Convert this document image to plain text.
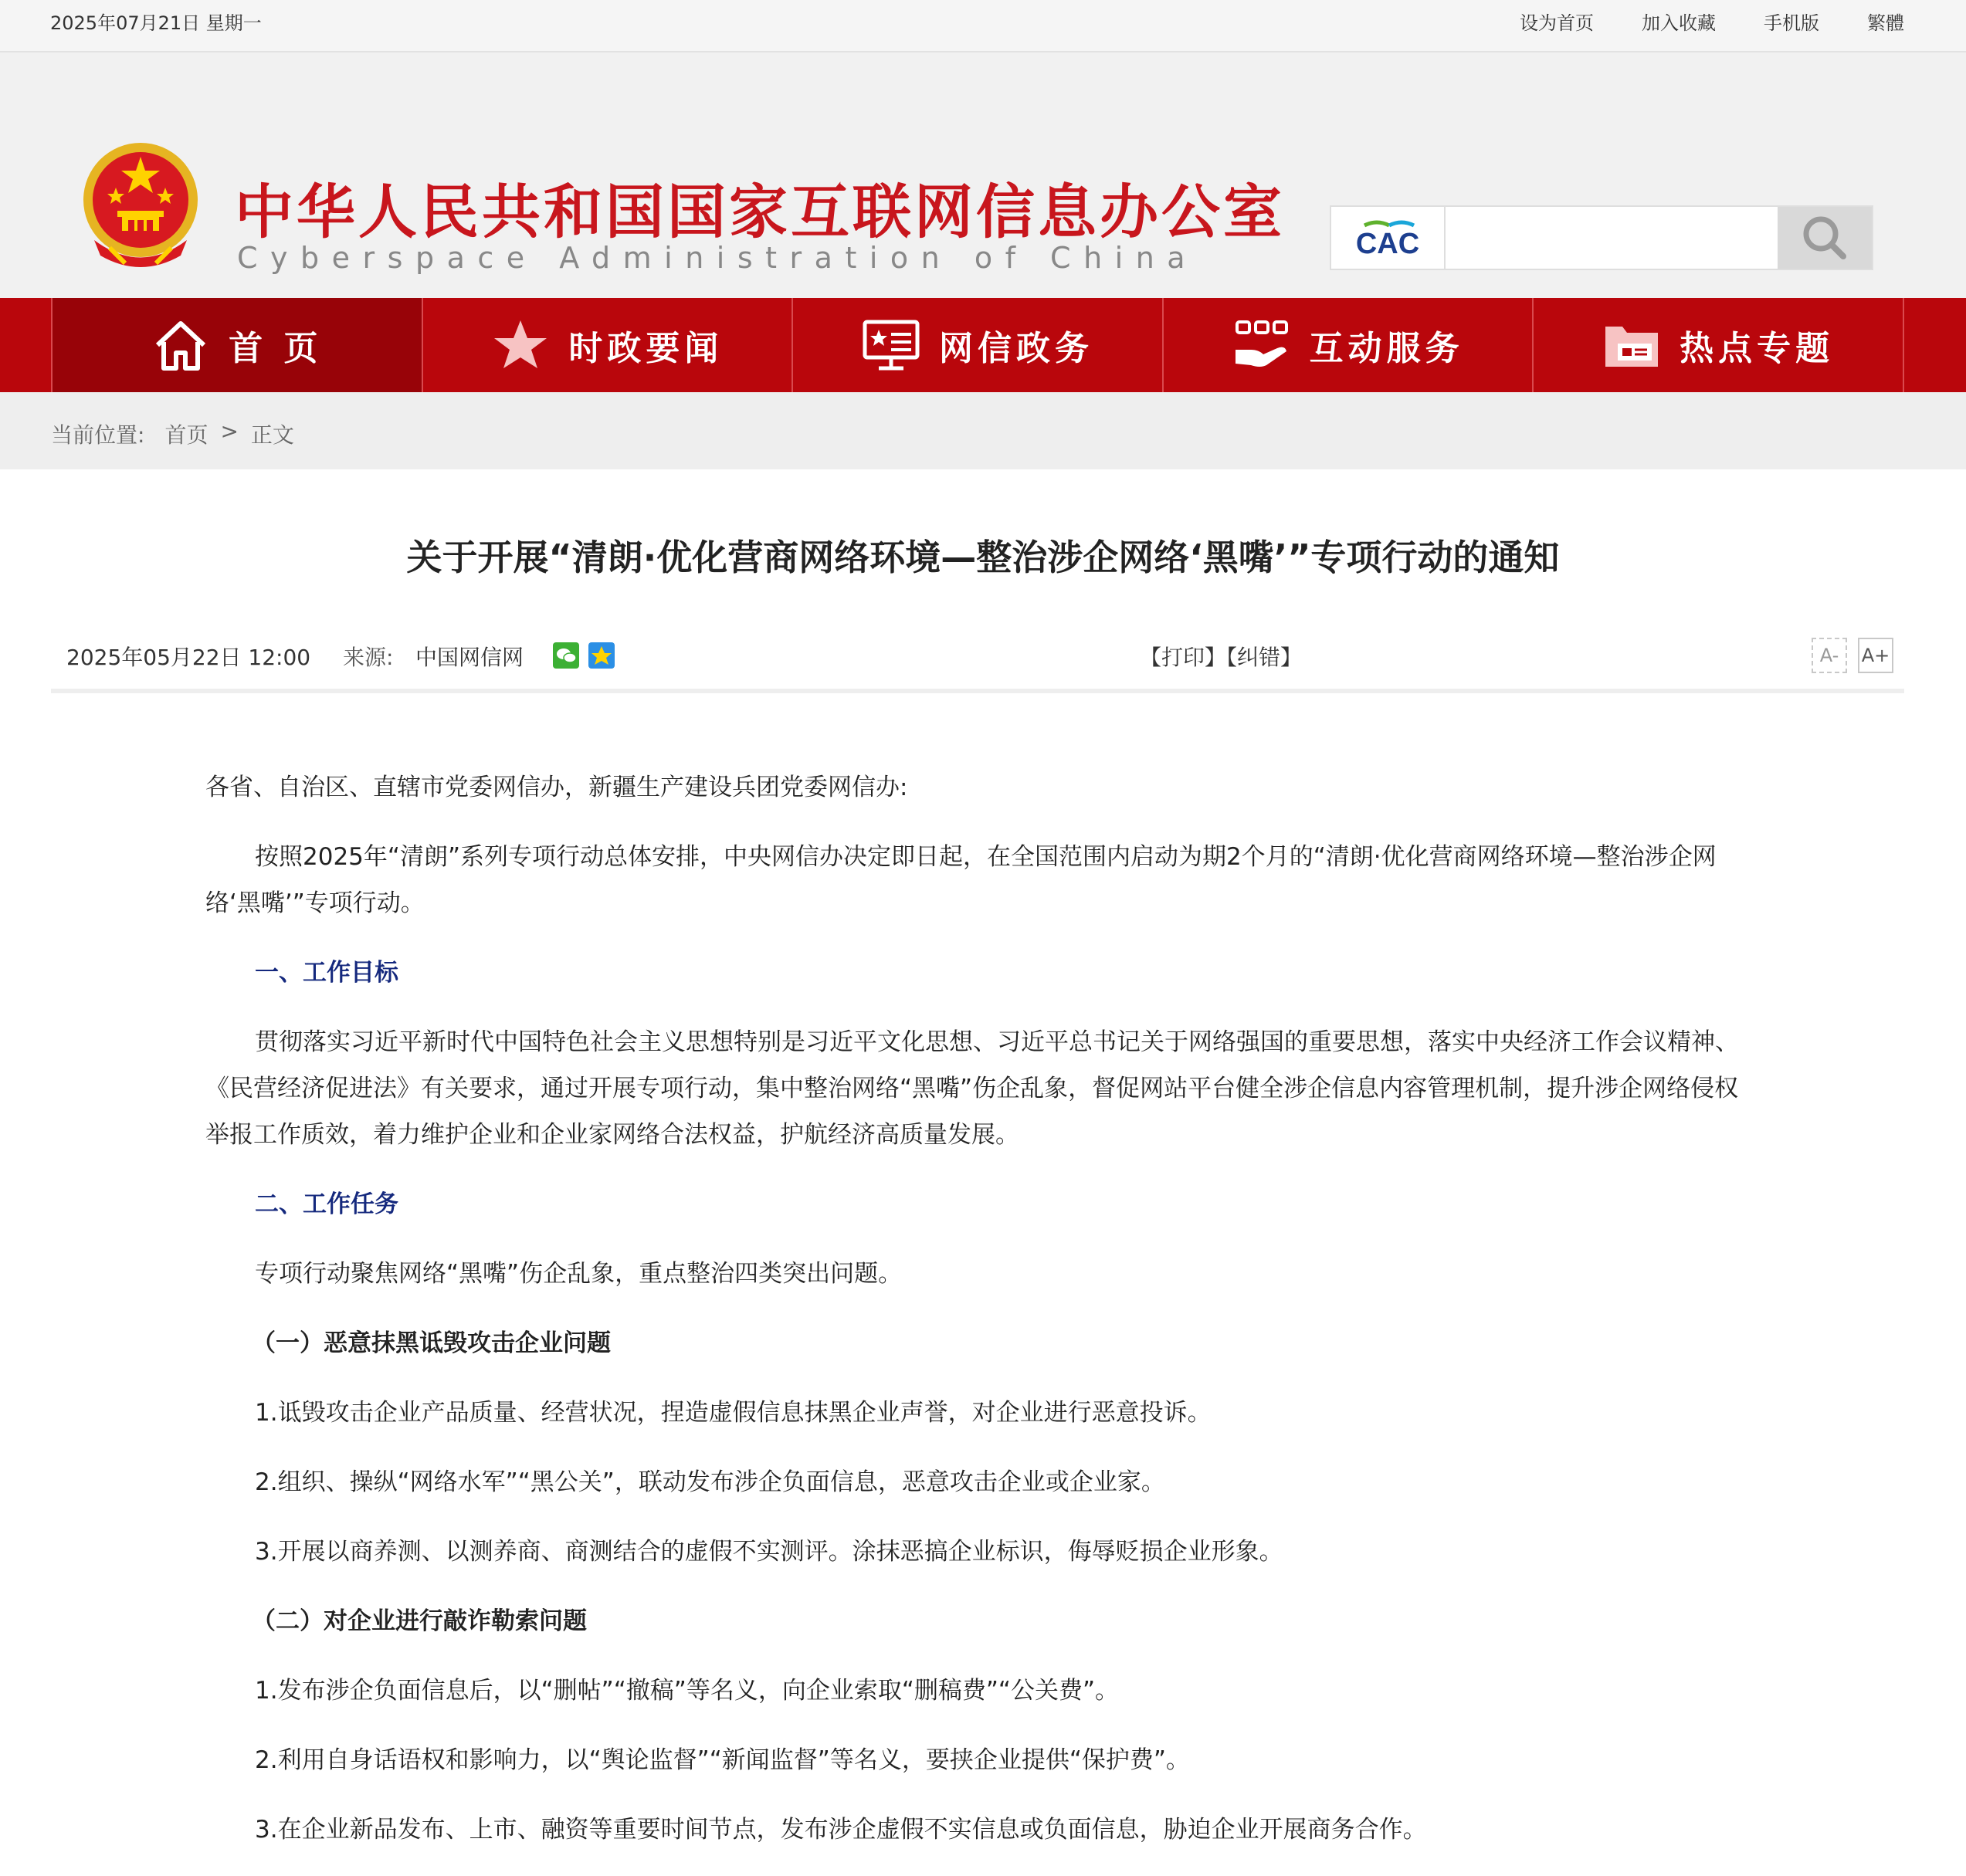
2025年07月21日 星期一	设为首页	加入收藏	手机版	繁體
中华人民共和国国家互联网信息办公室
Cyberspace Administration of China	CAC
首 页	时政要闻	网信政务	互动服务	热点专题
当前位置: 首页 > 正文
关于开展“清朗·优化营商网络环境—整治涉企网络‘黑嘴’”专项行动的通知
2025年05月22日 12:00 来源: 中国网信网	【打印】【纠错】	A-	A+

各省、自治区、直辖市党委网信办，新疆生产建设兵团党委网信办:

按照2025年“清朗”系列专项行动总体安排，中央网信办决定即日起，在全国范围内启动为期2个月的“清朗·优化营商网络环境—整治涉企网络‘黑嘴’”专项行动。

一、工作目标

贯彻落实习近平新时代中国特色社会主义思想特别是习近平文化思想、习近平总书记关于网络强国的重要思想，落实中央经济工作会议精神、《民营经济促进法》有关要求，通过开展专项行动，集中整治网络“黑嘴”伤企乱象，督促网站平台健全涉企信息内容管理机制，提升涉企网络侵权举报工作质效，着力维护企业和企业家网络合法权益，护航经济高质量发展。

二、工作任务

专项行动聚焦网络“黑嘴”伤企乱象，重点整治四类突出问题。

（一）恶意抹黑诋毁攻击企业问题

1.诋毁攻击企业产品质量、经营状况，捏造虚假信息抹黑企业声誉，对企业进行恶意投诉。

2.组织、操纵“网络水军”“黑公关”，联动发布涉企负面信息，恶意攻击企业或企业家。

3.开展以商养测、以测养商、商测结合的虚假不实测评。涂抹恶搞企业标识，侮辱贬损企业形象。

（二）对企业进行敲诈勒索问题

1.发布涉企负面信息后，以“删帖”“撤稿”等名义，向企业索取“删稿费”“公关费”。

2.利用自身话语权和影响力，以“舆论监督”“新闻监督”等名义，要挟企业提供“保护费”。

3.在企业新品发布、上市、融资等重要时间节点，发布涉企虚假不实信息或负面信息，胁迫企业开展商务合作。
